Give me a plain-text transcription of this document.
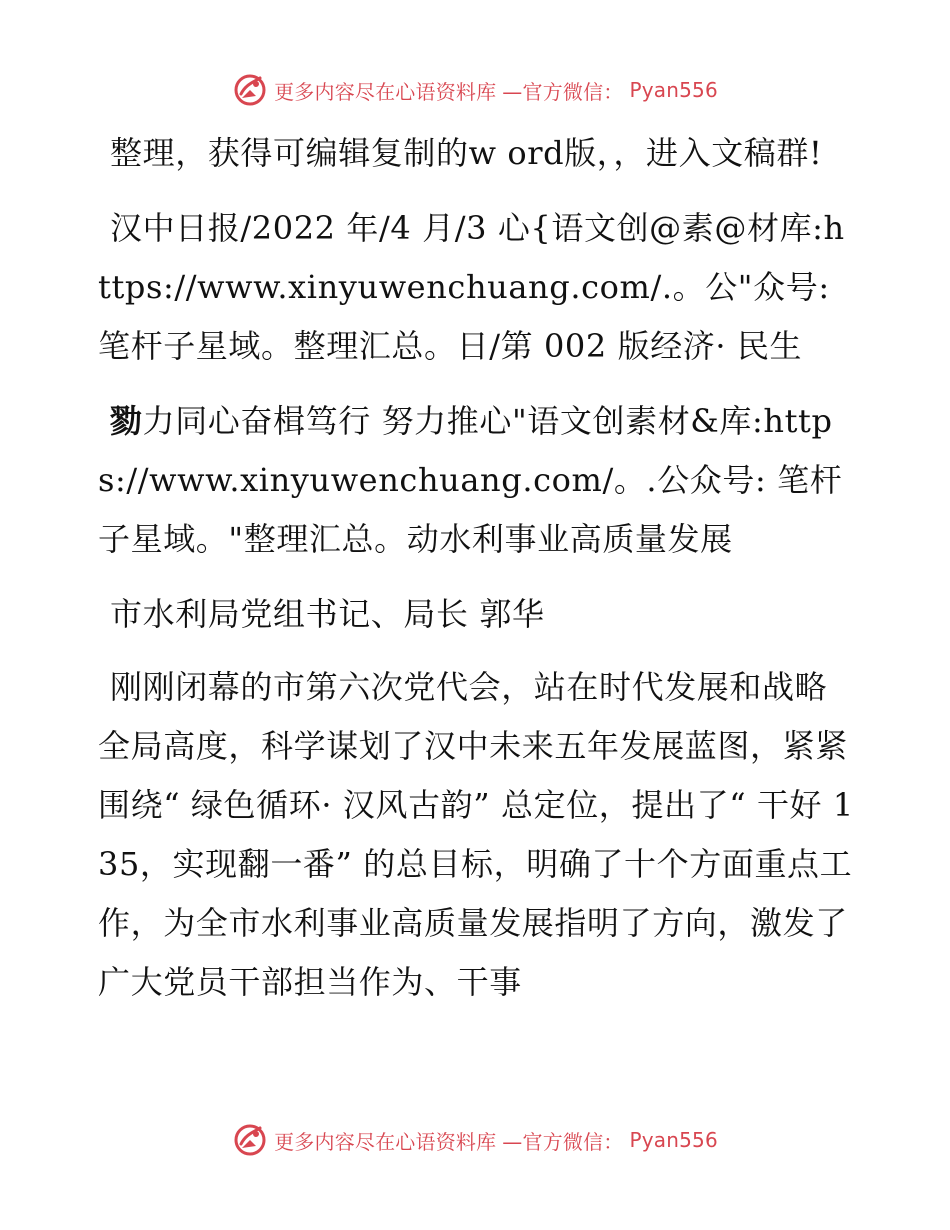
更多内容尽在心语资料库 —官方微信： Pyan556

整理，获得可编辑复制的w ord版，，进入文稿群!

汉中日报/2022 年/4 月/3 心{语文创@素@材库:https://www.xinyuwenchuang.com/.。公"众号:笔杆子星域。整理汇总。日/第 002 版经济· 民生

勠力同心奋楫笃行 努力推心"语文创素材&库:https://www.xinyuwenchuang.com/。.公众号: 笔杆子星域。"整理汇总。动水利事业高质量发展

市水利局党组书记、局长 郭华

刚刚闭幕的市第六次党代会，站在时代发展和战略全局高度，科学谋划了汉中未来五年发展蓝图，紧紧围绕“ 绿色循环· 汉风古韵” 总定位，提出了“ 干好 135，实现翻一番” 的总目标，明确了十个方面重点工作，为全市水利事业高质量发展指明了方向，激发了广大党员干部担当作为、干事

更多内容尽在心语资料库 —官方微信： Pyan556
